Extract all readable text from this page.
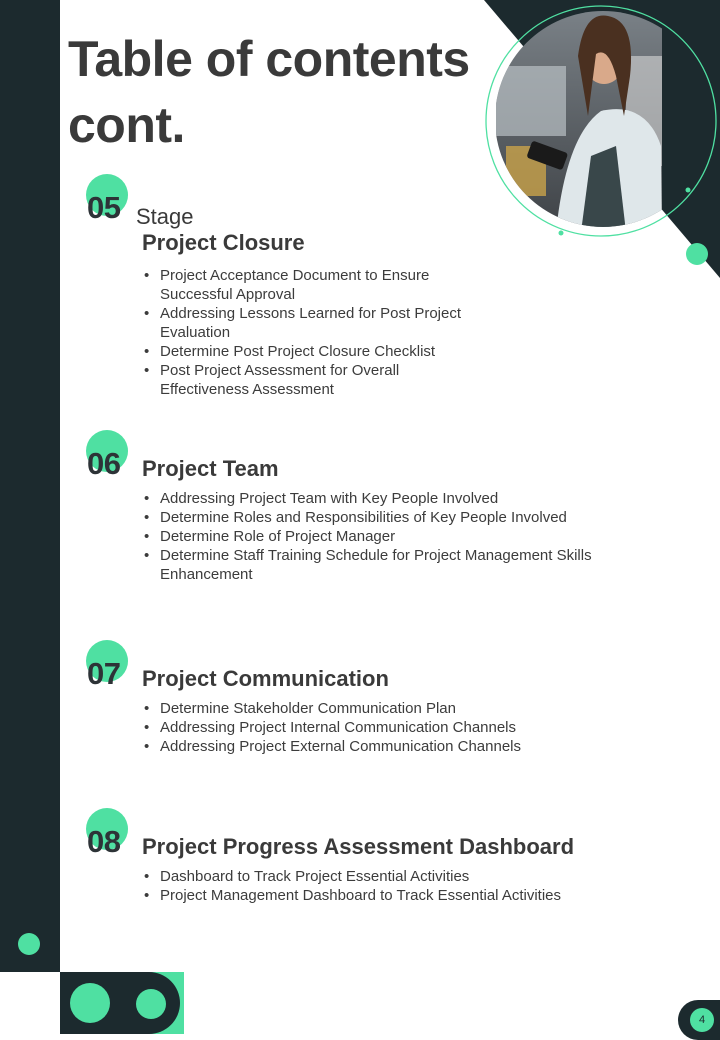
Table of contents
cont.
05 Stage
Project Closure
• Project Acceptance Document to Ensure Successful Approval
• Addressing Lessons Learned for Post Project Evaluation
• Determine Post Project Closure Checklist
• Post Project Assessment for Overall Effectiveness Assessment
06 Project Team
• Addressing Project Team with Key People Involved
• Determine Roles and Responsibilities of Key People Involved
• Determine Role of Project Manager
• Determine Staff Training Schedule for Project Management Skills Enhancement
07 Project Communication
• Determine Stakeholder Communication Plan
• Addressing Project Internal Communication Channels
• Addressing Project External Communication Channels
08 Project Progress Assessment Dashboard
• Dashboard to Track Project Essential Activities
• Project Management Dashboard to Track Essential Activities
4
